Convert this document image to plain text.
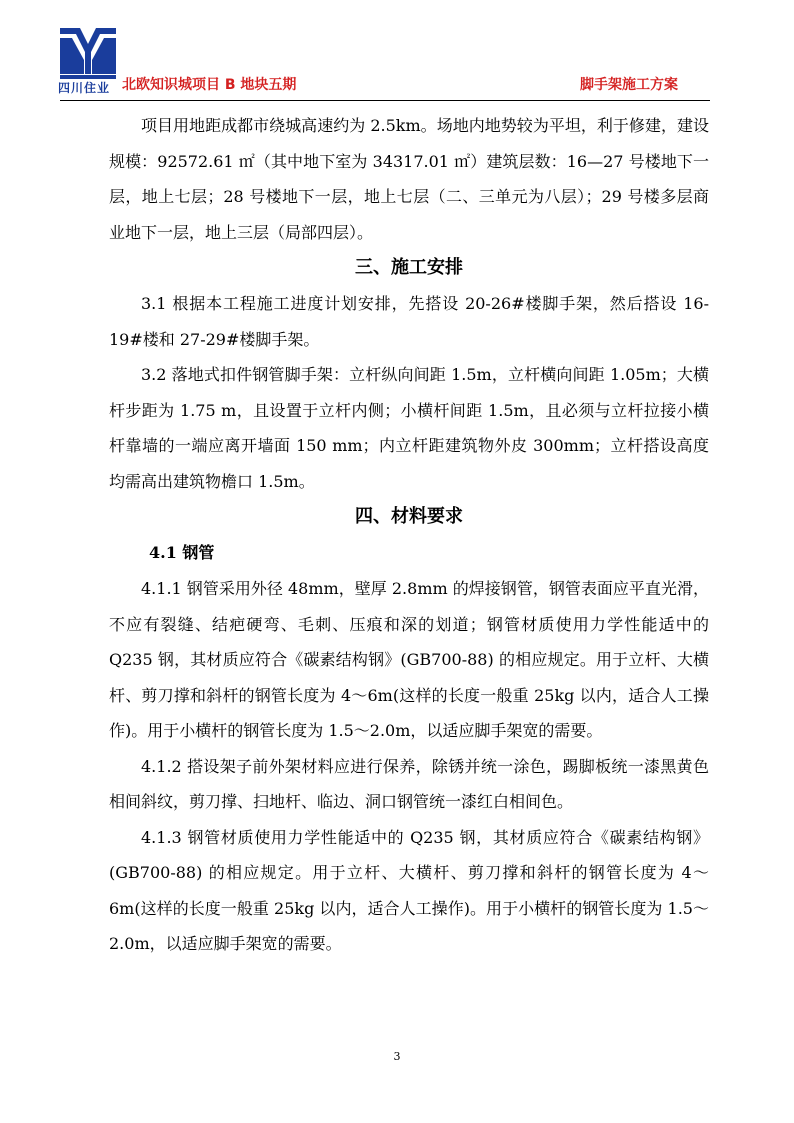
四川住业 北欧知识城项目 B 地块五期	脚手架施工方案

项目用地距成都市绕城高速约为 2.5km。场地内地势较为平坦，利于修建，建设规模：92572.61 ㎡（其中地下室为 34317.01 ㎡）建筑层数：16—27 号楼地下一层，地上七层；28 号楼地下一层，地上七层（二、三单元为八层）；29 号楼多层商业地下一层，地上三层（局部四层）。

三、施工安排

3.1 根据本工程施工进度计划安排，先搭设 20-26#楼脚手架，然后搭设 16-19#楼和 27-29#楼脚手架。

3.2 落地式扣件钢管脚手架：立杆纵向间距 1.5m，立杆横向间距 1.05m；大横杆步距为 1.75 m，且设置于立杆内侧；小横杆间距 1.5m，且必须与立杆拉接小横杆靠墙的一端应离开墙面 150 mm；内立杆距建筑物外皮 300mm；立杆搭设高度均需高出建筑物檐口 1.5m。

四、材料要求
4.1 钢管

4.1.1 钢管采用外径 48mm，壁厚 2.8mm 的焊接钢管，钢管表面应平直光滑，不应有裂缝、结疤硬弯、毛刺、压痕和深的划道；钢管材质使用力学性能适中的 Q235 钢，其材质应符合《碳素结构钢》(GB700-88) 的相应规定。用于立杆、大横杆、剪刀撑和斜杆的钢管长度为 4～6m(这样的长度一般重 25kg 以内，适合人工操作)。用于小横杆的钢管长度为 1.5～2.0m，以适应脚手架宽的需要。

4.1.2 搭设架子前外架材料应进行保养，除锈并统一涂色，踢脚板统一漆黑黄色相间斜纹，剪刀撑、扫地杆、临边、洞口钢管统一漆红白相间色。

4.1.3 钢管材质使用力学性能适中的 Q235 钢，其材质应符合《碳素结构钢》(GB700-88) 的相应规定。用于立杆、大横杆、剪刀撑和斜杆的钢管长度为 4～6m(这样的长度一般重 25kg 以内，适合人工操作)。用于小横杆的钢管长度为 1.5～2.0m，以适应脚手架宽的需要。

3
